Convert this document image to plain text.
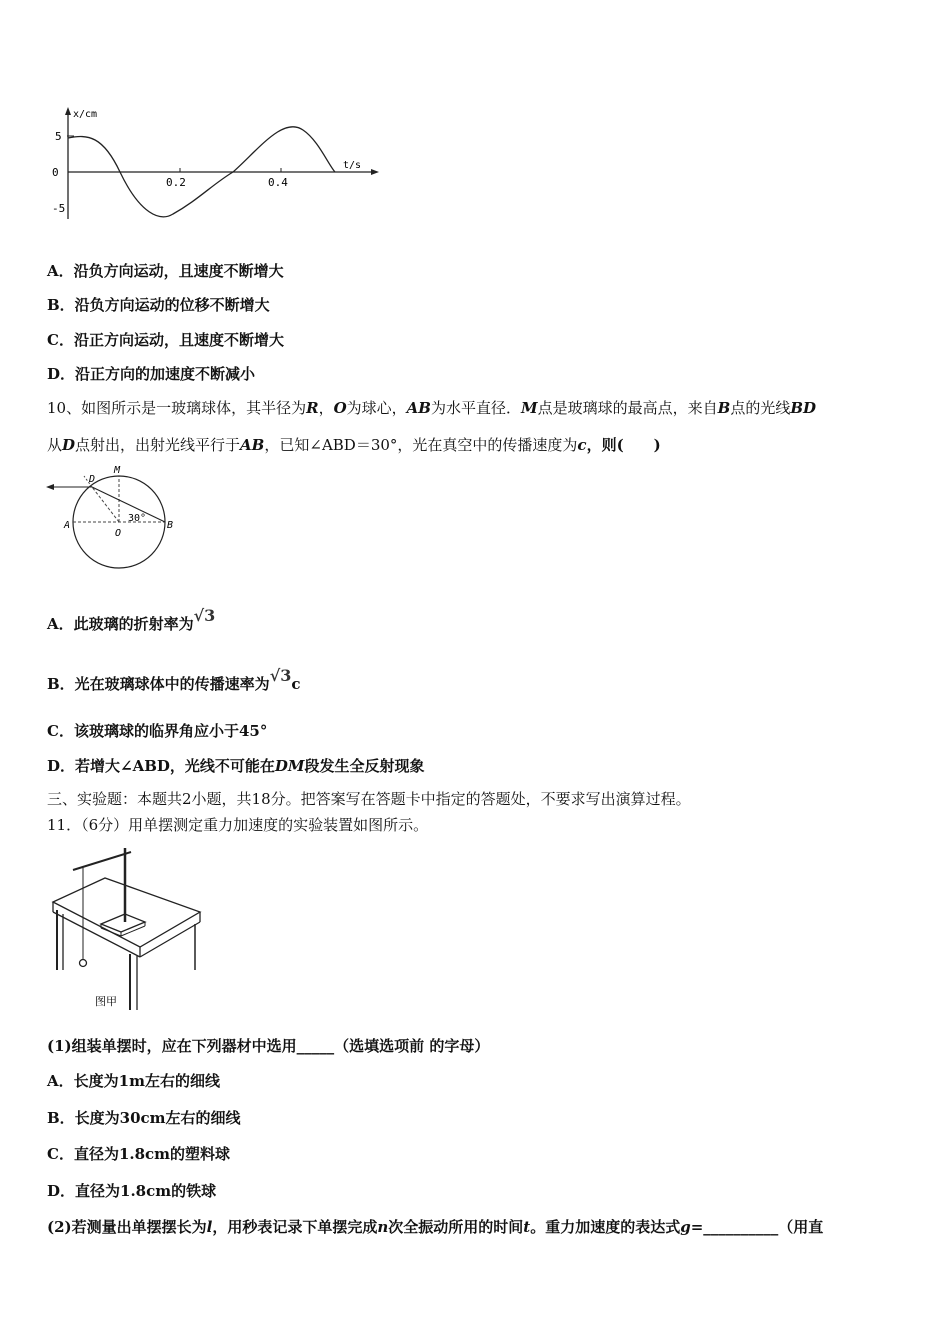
x/cm
t/s
5
0
-5
0.2	0.4
A．沿负方向运动，且速度不断增大
B．沿负方向运动的位移不断增大
C．沿正方向运动，且速度不断增大
D．沿正方向的加速度不断减小
10、如图所示是一玻璃球体，其半径为R，O为球心，AB为水平直径．M点是玻璃球的最高点，来自B点的光线BD
从D点射出，出射光线平行于AB，已知∠ABD＝30°，光在真空中的传播速度为c，则(　　)
D
M
A
O
B
30°
A．此玻璃的折射率为√3
B．光在玻璃球体中的传播速率为√3c
C．该玻璃球的临界角应小于45°
D．若增大∠ABD，光线不可能在DM段发生全反射现象
三、实验题：本题共2小题，共18分。把答案写在答题卡中指定的答题处，不要求写出演算过程。
11．（6分）用单摆测定重力加速度的实验装置如图所示。
图甲
(1)组装单摆时，应在下列器材中选用_____（选填选项前 的字母）
A．长度为1m左右的细线
B．长度为30cm左右的细线
C．直径为1.8cm的塑料球
D．直径为1.8cm的铁球
(2)若测量出单摆摆长为l，用秒表记录下单摆完成n次全振动所用的时间t。重力加速度的表达式g=__________（用直
